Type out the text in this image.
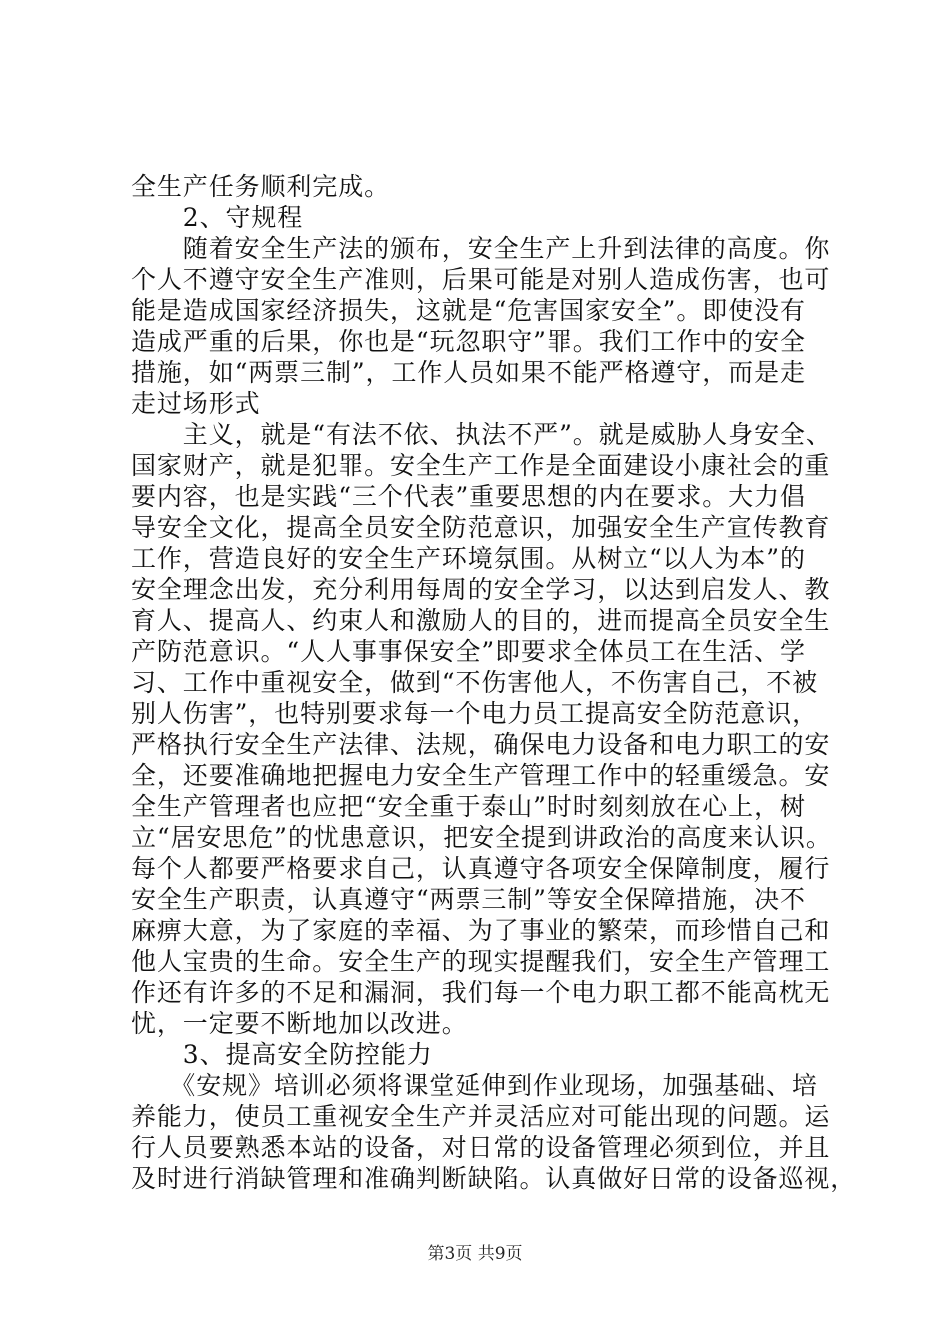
全生产任务顺利完成。
　　2、守规程
　　随着安全生产法的颁布，安全生产上升到法律的高度。你
个人不遵守安全生产准则，后果可能是对别人造成伤害，也可
能是造成国家经济损失，这就是“危害国家安全”。即使没有
造成严重的后果，你也是“玩忽职守”罪。我们工作中的安全
措施，如“两票三制”，工作人员如果不能严格遵守，而是走
走过场形式
　　主义，就是“有法不依、执法不严”。就是威胁人身安全、
国家财产，就是犯罪。安全生产工作是全面建设小康社会的重
要内容，也是实践“三个代表”重要思想的内在要求。大力倡
导安全文化，提高全员安全防范意识，加强安全生产宣传教育
工作，营造良好的安全生产环境氛围。从树立“以人为本”的
安全理念出发，充分利用每周的安全学习，以达到启发人、教
育人、提高人、约束人和激励人的目的，进而提高全员安全生
产防范意识。“人人事事保安全”即要求全体员工在生活、学
习、工作中重视安全，做到“不伤害他人，不伤害自己，不被
别人伤害”，也特别要求每一个电力员工提高安全防范意识，
严格执行安全生产法律、法规，确保电力设备和电力职工的安
全，还要准确地把握电力安全生产管理工作中的轻重缓急。安
全生产管理者也应把“安全重于泰山”时时刻刻放在心上，树
立“居安思危”的忧患意识，把安全提到讲政治的高度来认识。
每个人都要严格要求自己，认真遵守各项安全保障制度，履行
安全生产职责，认真遵守“两票三制”等安全保障措施，决不
麻痹大意，为了家庭的幸福、为了事业的繁荣，而珍惜自己和
他人宝贵的生命。安全生产的现实提醒我们，安全生产管理工
作还有许多的不足和漏洞，我们每一个电力职工都不能高枕无
忧，一定要不断地加以改进。
　　3、提高安全防控能力
　　《安规》培训必须将课堂延伸到作业现场，加强基础、培
养能力，使员工重视安全生产并灵活应对可能出现的问题。运
行人员要熟悉本站的设备，对日常的设备管理必须到位，并且
及时进行消缺管理和准确判断缺陷。认真做好日常的设备巡视，
第3页 共9页
